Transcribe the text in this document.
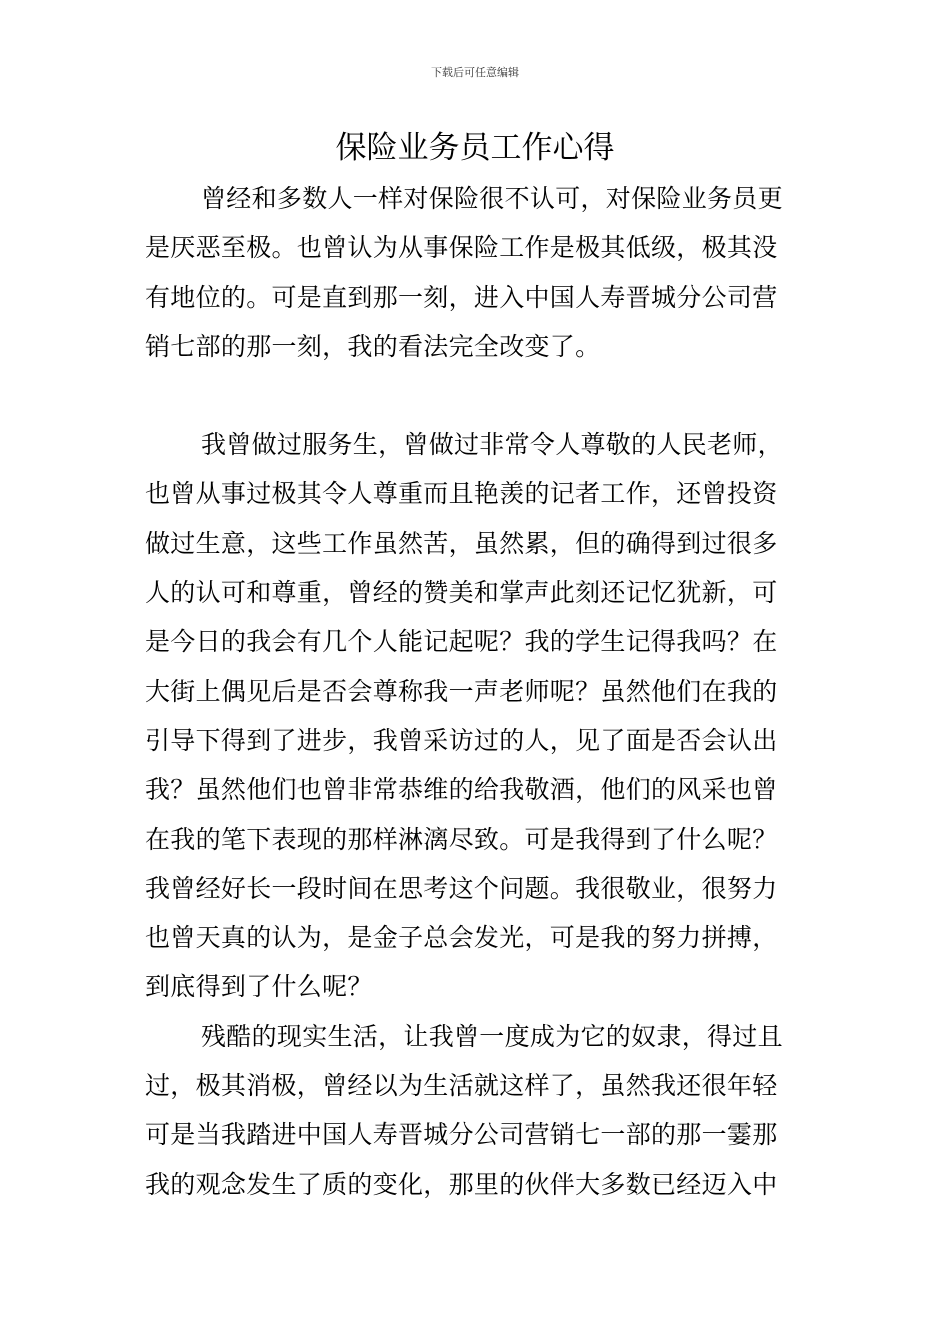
下载后可任意编辑
保险业务员工作心得
曾经和多数人一样对保险很不认可，对保险业务员更
是厌恶至极。也曾认为从事保险工作是极其低级，极其没
有地位的。可是直到那一刻，进入中国人寿晋城分公司营
销七部的那一刻，我的看法完全改变了。
我曾做过服务生，曾做过非常令人尊敬的人民老师，
也曾从事过极其令人尊重而且艳羡的记者工作，还曾投资
做过生意，这些工作虽然苦，虽然累，但的确得到过很多
人的认可和尊重，曾经的赞美和掌声此刻还记忆犹新，可
是今日的我会有几个人能记起呢？我的学生记得我吗？在
大街上偶见后是否会尊称我一声老师呢？虽然他们在我的
引导下得到了进步，我曾采访过的人，见了面是否会认出
我？虽然他们也曾非常恭维的给我敬酒，他们的风采也曾
在我的笔下表现的那样淋漓尽致。可是我得到了什么呢？
我曾经好长一段时间在思考这个问题。我很敬业，很努力
也曾天真的认为，是金子总会发光，可是我的努力拼搏，
到底得到了什么呢？
残酷的现实生活，让我曾一度成为它的奴隶，得过且
过，极其消极，曾经以为生活就这样了，虽然我还很年轻
可是当我踏进中国人寿晋城分公司营销七一部的那一霎那
我的观念发生了质的变化，那里的伙伴大多数已经迈入中
